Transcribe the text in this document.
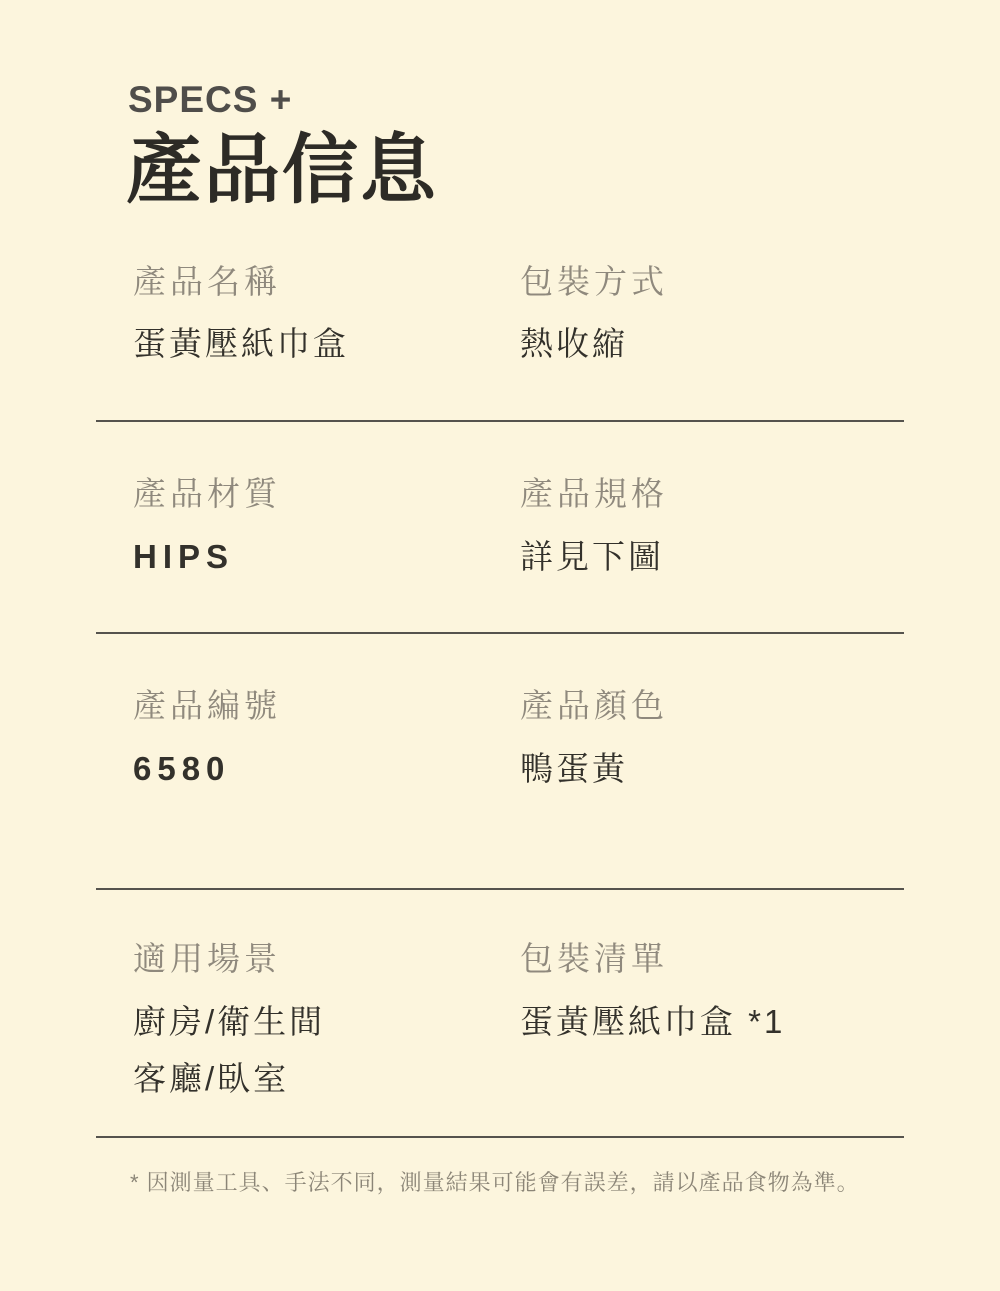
SPECS +
產品信息
產品名稱	包裝方式
蛋黃壓紙巾盒	熱收縮
產品材質	產品規格
HIPS	詳見下圖
產品編號	產品顏色
6580	鴨蛋黃
適用場景	包裝清單
廚房/衛生間	蛋黃壓紙巾盒 *1
客廳/臥室
* 因測量工具、手法不同，測量結果可能會有誤差，請以產品食物為準。
